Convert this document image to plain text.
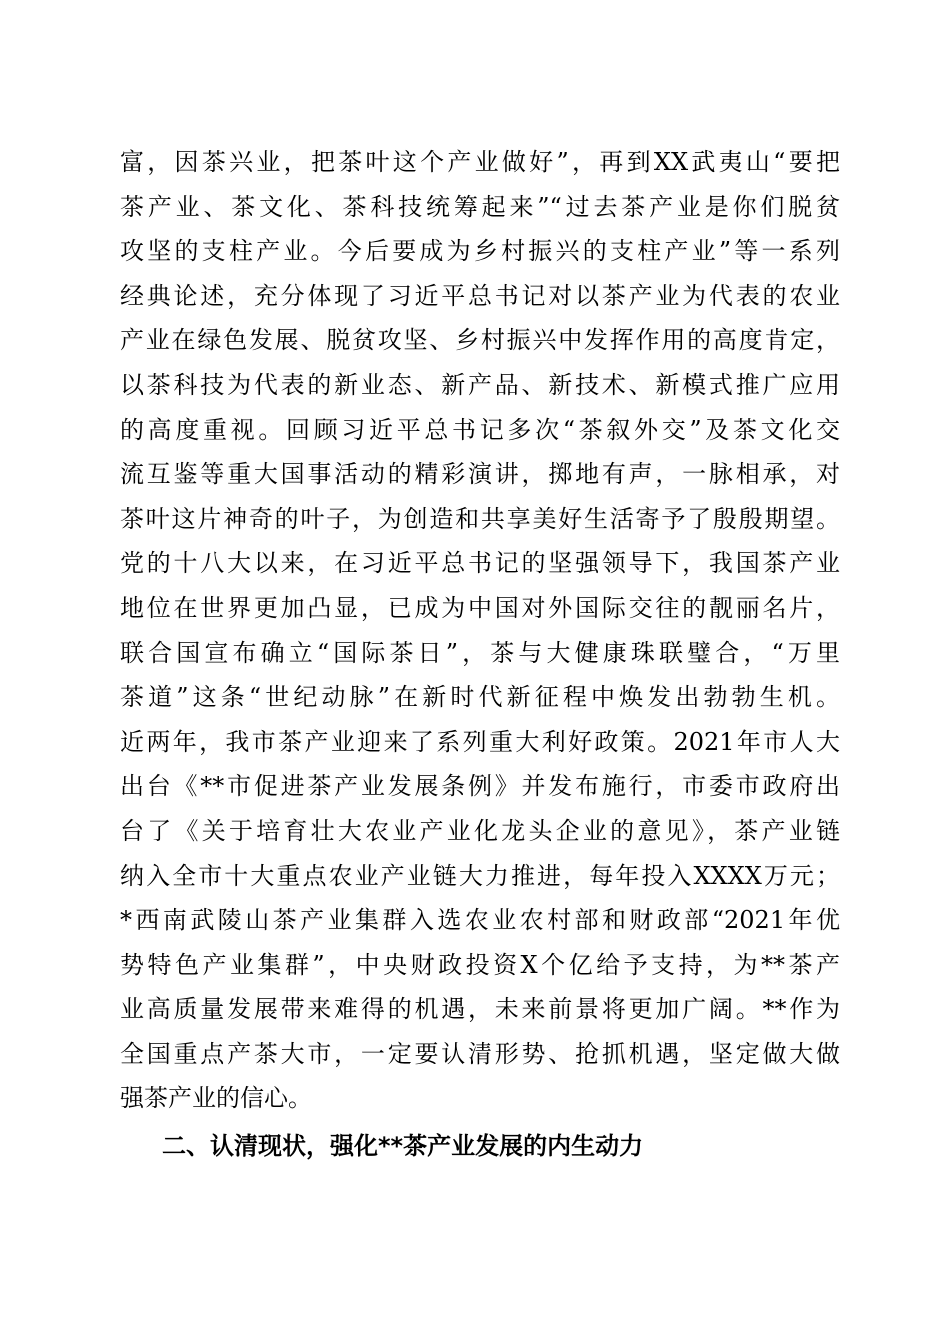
富，因茶兴业，把茶叶这个产业做好”，再到XX武夷山“要把
茶产业、茶文化、茶科技统筹起来”“过去茶产业是你们脱贫
攻坚的支柱产业。今后要成为乡村振兴的支柱产业”等一系列
经典论述，充分体现了习近平总书记对以茶产业为代表的农业
产业在绿色发展、脱贫攻坚、乡村振兴中发挥作用的高度肯定，
以茶科技为代表的新业态、新产品、新技术、新模式推广应用
的高度重视。回顾习近平总书记多次“茶叙外交”及茶文化交
流互鉴等重大国事活动的精彩演讲，掷地有声，一脉相承，对
茶叶这片神奇的叶子，为创造和共享美好生活寄予了殷殷期望。
党的十八大以来，在习近平总书记的坚强领导下，我国茶产业
地位在世界更加凸显，已成为中国对外国际交往的靓丽名片，
联合国宣布确立“国际茶日”，茶与大健康珠联璧合，“万里
茶道”这条“世纪动脉”在新时代新征程中焕发出勃勃生机。
近两年，我市茶产业迎来了系列重大利好政策。2021年市人大
出台《**市促进茶产业发展条例》并发布施行，市委市政府出
台了《关于培育壮大农业产业化龙头企业的意见》，茶产业链
纳入全市十大重点农业产业链大力推进，每年投入XXXX万元；
*西南武陵山茶产业集群入选农业农村部和财政部“2021年优
势特色产业集群”，中央财政投资X个亿给予支持，为**茶产
业高质量发展带来难得的机遇，未来前景将更加广阔。**作为
全国重点产茶大市，一定要认清形势、抢抓机遇，坚定做大做
强茶产业的信心。
二、认清现状，强化**茶产业发展的内生动力
